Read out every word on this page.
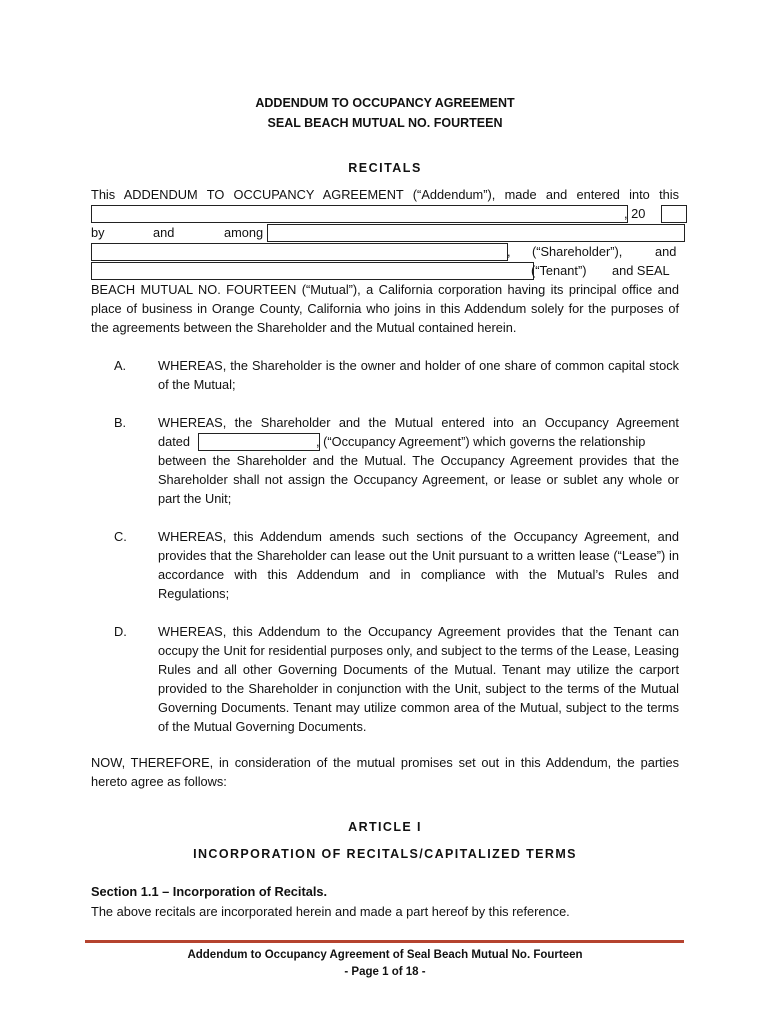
ADDENDUM TO OCCUPANCY AGREEMENT
SEAL BEACH MUTUAL NO. FOURTEEN
RECITALS
This ADDENDUM TO OCCUPANCY AGREEMENT (“Addendum”), made and entered into this
, 20
by	and	among
, (“Shareholder”),	and
(“Tenant”) and SEAL
BEACH MUTUAL NO. FOURTEEN (“Mutual”), a California corporation having its principal office and place of business in Orange County, California who joins in this Addendum solely for the purposes of the agreements between the Shareholder and the Mutual contained herein.
A. WHEREAS, the Shareholder is the owner and holder of one share of common capital stock of the Mutual;
B. WHEREAS, the Shareholder and the Mutual entered into an Occupancy Agreement
dated	, (“Occupancy Agreement”) which governs the relationship
between the Shareholder and the Mutual. The Occupancy Agreement provides that the Shareholder shall not assign the Occupancy Agreement, or lease or sublet any whole or part the Unit;
C. WHEREAS, this Addendum amends such sections of the Occupancy Agreement, and provides that the Shareholder can lease out the Unit pursuant to a written lease (“Lease”) in accordance with this Addendum and in compliance with the Mutual’s Rules and Regulations;
D. WHEREAS, this Addendum to the Occupancy Agreement provides that the Tenant can occupy the Unit for residential purposes only, and subject to the terms of the Lease, Leasing Rules and all other Governing Documents of the Mutual. Tenant may utilize the carport provided to the Shareholder in conjunction with the Unit, subject to the terms of the Mutual Governing Documents. Tenant may utilize common area of the Mutual, subject to the terms of the Mutual Governing Documents.
NOW, THEREFORE, in consideration of the mutual promises set out in this Addendum, the parties hereto agree as follows:
ARTICLE I
INCORPORATION OF RECITALS/CAPITALIZED TERMS
Section 1.1 – Incorporation of Recitals.
The above recitals are incorporated herein and made a part hereof by this reference.
Addendum to Occupancy Agreement of Seal Beach Mutual No. Fourteen
- Page 1 of 18 -
